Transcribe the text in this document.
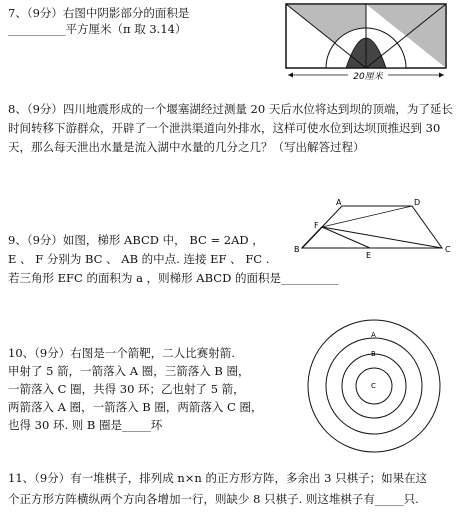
7、（9分）右图中阴影部分的面积是
__________平方厘米（π 取 3.14）
20厘米
8、（9分）四川地震形成的一个堰塞湖经过测量 20 天后水位将达到坝的顶端，为了延长时间转移下游群众，开辟了一个泄洪渠道向外排水，这样可使水位到达坝顶推迟到 30 天，那么每天泄出水量是流入湖中水量的几分之几？（写出解答过程）
9、（9分）如图，梯形 ABCD 中， BC = 2AD ，
E 、 F 分别为 BC 、 AB 的中点. 连接 EF 、 FC .
若三角形 EFC 的面积为 a ，则梯形 ABCD 的面积是__________
A	D
B	C
F
E
10、（9分）右图是一个箭靶，二人比赛射箭.
甲射了 5 箭，一箭落入 A 圈，三箭落入 B 圈，
一箭落入 C 圈，共得 30 环；乙也射了 5 箭，
两箭落入 A 圈，一箭落入 B 圈，两箭落入 C 圈，
也得 30 环. 则 B 圈是_____环
A
B
C
11、（9分）有一堆棋子，排列成 n×n 的正方形方阵，多余出 3 只棋子；如果在这
个正方形方阵横纵两个方向各增加一行，则缺少 8 只棋子. 则这堆棋子有_____只.
